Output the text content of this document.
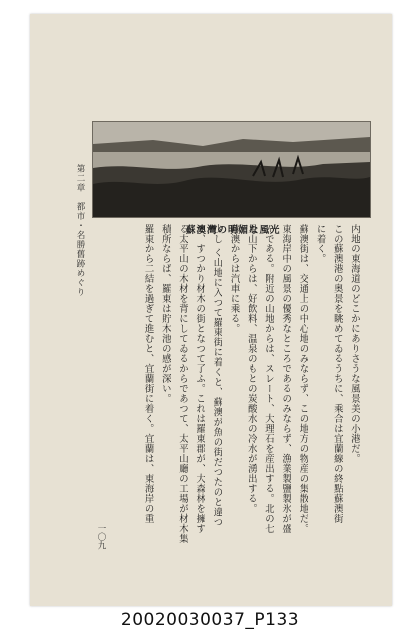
蘇澳灣の明媚な風光	内地の東海道のどこかにありさうな風景美の小港だ。
この蘇澳港の奥景を眺めてゐるうちに、乘合は宜蘭線の終點蘇澳街
に着く。
蘇澳街は、交通上の中心地のみならず、この地方の物産の集散地だ。
東海岸中の風景の優秀なところであるのみならず、漁業製鹽製氷が盛
んである。附近の山地からは、スレート、大理石を産出する。北の七
星山下からは、好飲料、温泉のもとの炭酸水の冷水が湧出する。
蘇澳からは汽車に乘る。
少し く山地に入つて羅東街に着くと、蘇澳が魚の街だつたのと違つ
て、すつかり材木の街となつて了ふ。これは羅東郡が、大森林を擁す
る太平山の木材を背にしてゐるからであつて、太平山廳の工場が材木集
積所ならば、羅東は貯木池の感が深い。
羅東から二結を過ぎて進むと、宜蘭街に着く。宜蘭は、東海岸の重
第二章　都市・名勝舊跡めぐり
一〇九
20020030037_P133
